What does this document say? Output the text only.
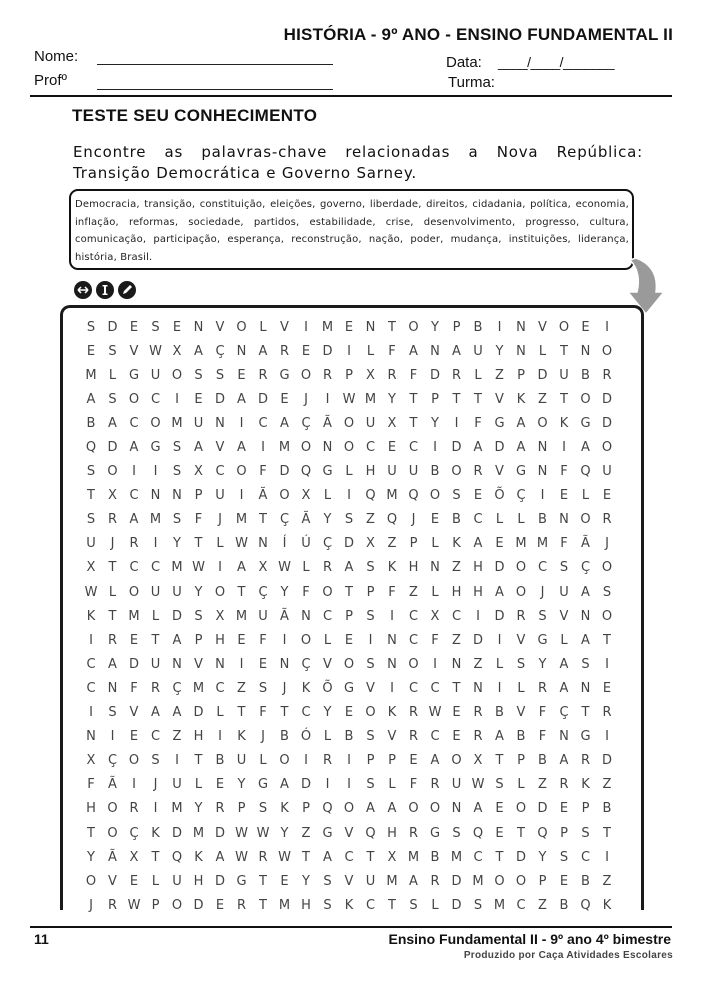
HISTÓRIA - 9º ANO - ENSINO FUNDAMENTAL II
Nome:
Profº
Data: ____/____/_______
Turma:
TESTE SEU CONHECIMENTO
Encontre as palavras-chave relacionadas a Nova República:
Transição Democrática e Governo Sarney.
Democracia, transição, constituição, eleições, governo, liberdade, direitos, cidadania, política, economia, inflação, reformas, sociedade, partidos, estabilidade, crise, desenvolvimento, progresso, cultura, comunicação, participação, esperança, reconstrução, nação, poder, mudança, instituições, liderança, história, Brasil.
S D E	S	E N V O L	V	I	M E N T O Y	P	B	I	N V O E	I
E	S V W X A Ç N A R E D	I	L	F	A N A U Y N	L	T N O
M L G U O S	S	E R G O R	P	X R	F D R	L	Z	P D U B R
A S O C	I	E D A D E	J	I	W M Y	T	P	T	T	V K Z	T O D
B A C O M U N	I	C A Ç Ã O U X	T	Y	I	F G A O K G D
Q D A G S A V A	I	M O N O C E C	I	D A D A N	I	A O
S O	I	I	S X C O F D Q G L H U U B O R V G N F Q U
T	X C N N P U	I	Ã O X	L	I	Q M Q O S	E Õ Ç	I	E	L	E
S R A M S	F	J	M T Ç Ã	Y	S Z Q	J	E B C	L	L	B N O R
U	J	R	I	Y	T	L W N	Í	Ú Ç D X Z	P	L	K A E M M F	Ã	J
X	T C C M W	I	A X W L	R A S	K H N Z H D O C S Ç O
W L O U U Y O T Ç Y	F O T	P	F	Z	L H H A O	J	U A S
K	T M L D S X M U Ã N C	P	S	I	C X C	I	D R S V N O
I	R E	T	A	P H E	F	I	O L	E	I	N C	F	Z D	I	V G L	A	T
C A D U N V N	I	E N Ç V O S N O	I	N Z	L	S	Y	A S	I
C N F	R Ç M C Z S	J	K Õ G V	I	C C T N	I	L	R A N E
I	S V A A D L	T	F	T C Y	E O K R W E R B V	F	Ç T	R
N	I	E C Z H	I	K	J	B Ó L	B S V R C E R A B	F N G	I
X Ç O S	I	T	B U	L O	I	R	I	P	P	E A O X	T	P	B A R D
F	Ã	I	J	U	L	E	Y G A D	I	I	S	L	F	R U W S	L	Z R K Z
H O R	I	M Y	R	P	S	K	P Q O A A O O N A E O D E	P	B
T O Ç K D M D W W Y	Z G V Q H R G S Q E	T Q P	S	T
Y	Ã X	T Q K A W R W T	A C T	X M B M C T D Y	S C	I
O V E	L	U H D G T	E	Y	S V U M A R D M O O P	E B Z
J	R W P O D E R	T M H S	K C T	S	L D S M C Z B Q K
11	Ensino Fundamental II - 9º ano 4º bimestre
Produzido por Caça Atividades Escolares
